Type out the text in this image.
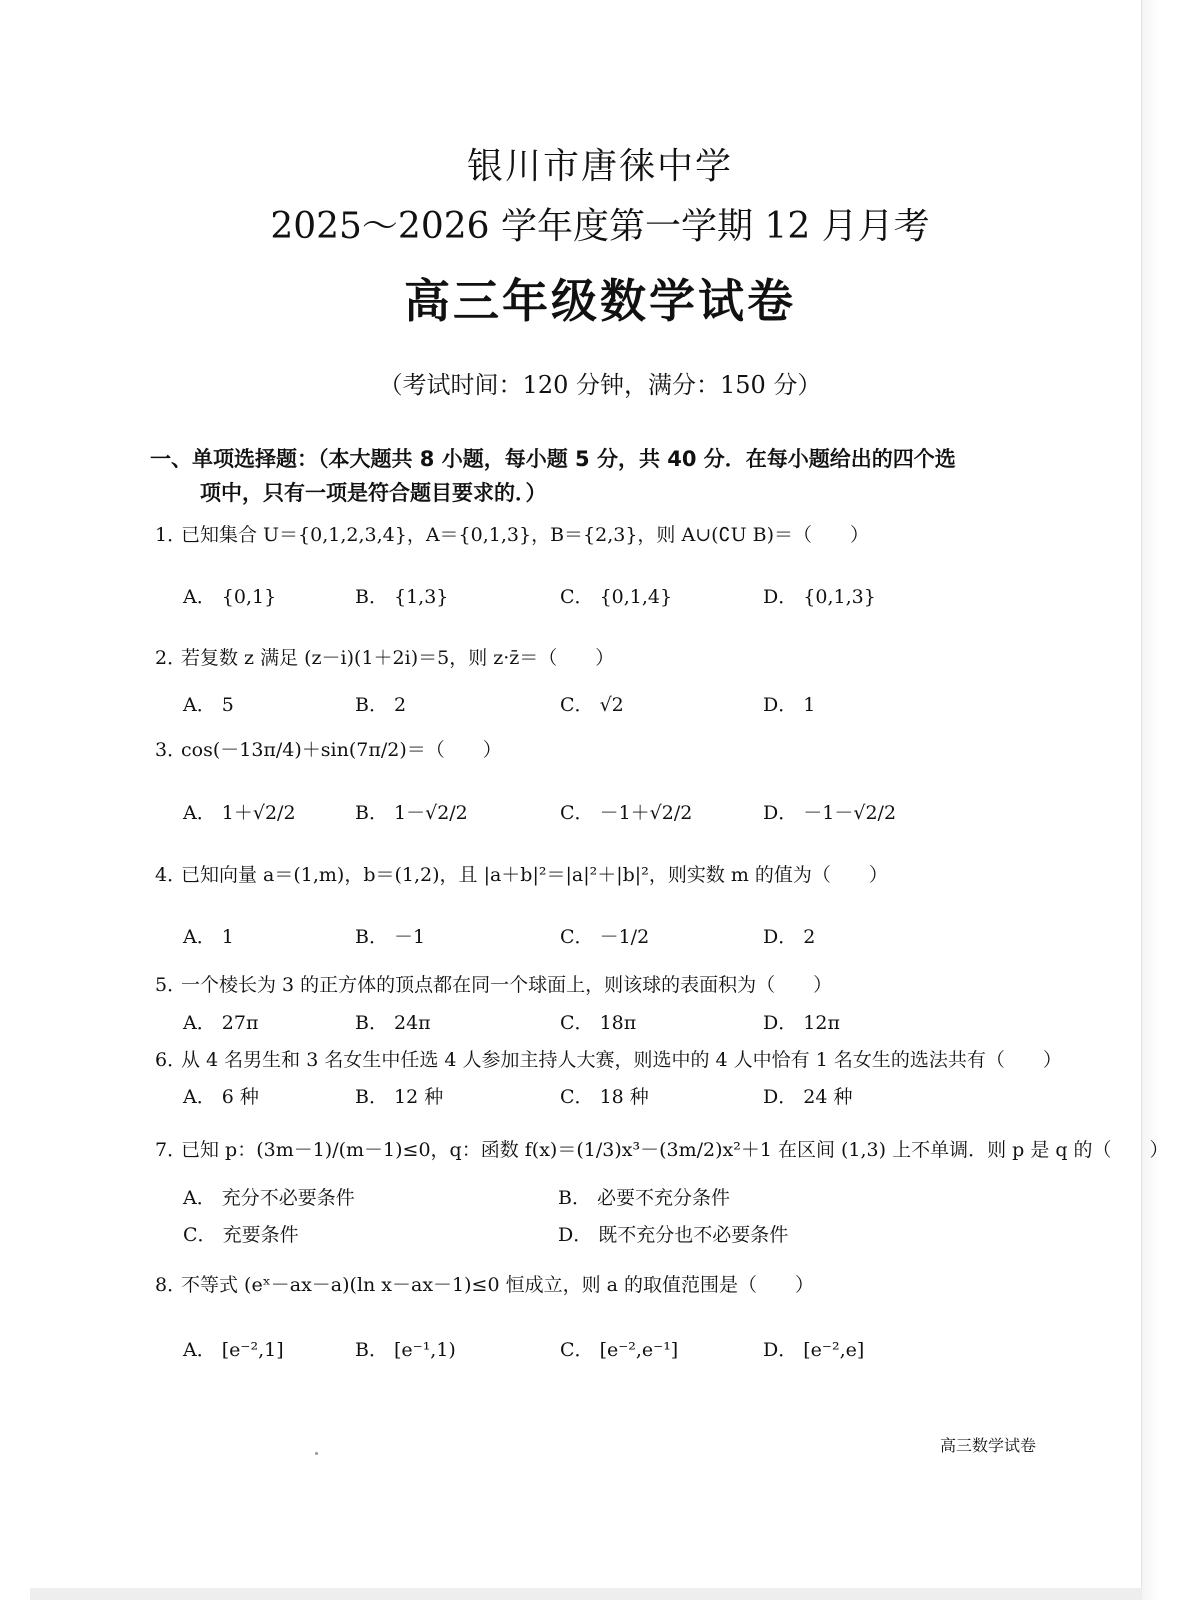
银川市唐徕中学
2025～2026 学年度第一学期 12 月月考
高三年级数学试卷
（考试时间：120 分钟，满分：150 分）
一、单项选择题：（本大题共 8 小题，每小题 5 分，共 40 分．在每小题给出的四个选
项中，只有一项是符合题目要求的．）
1．已知集合 U＝{0,1,2,3,4}，A＝{0,1,3}，B＝{2,3}，则 A∪(∁U B)＝（　　）
A． {0,1}	B． {1,3}	C． {0,1,4}	D． {0,1,3}
2．若复数 z 满足 (z－i)(1＋2i)＝5，则 z·z̄＝（　　）
A． 5	B． 2	C． √2	D． 1
3．cos(－13π/4)＋sin(7π/2)＝（　　）
A． 1＋√2/2	B． 1－√2/2	C． －1＋√2/2	D． －1－√2/2
4．已知向量 a＝(1,m)，b＝(1,2)，且 |a＋b|²＝|a|²＋|b|²，则实数 m 的值为（　　）
A． 1	B． －1	C． －1/2	D． 2
5．一个棱长为 3 的正方体的顶点都在同一个球面上，则该球的表面积为（　　）
A． 27π	B． 24π	C． 18π	D． 12π
6．从 4 名男生和 3 名女生中任选 4 人参加主持人大赛，则选中的 4 人中恰有 1 名女生的选法共有（　　）
A． 6 种	B． 12 种	C． 18 种	D． 24 种
7．已知 p：(3m－1)/(m－1)≤0，q：函数 f(x)＝(1/3)x³－(3m/2)x²＋1 在区间 (1,3) 上不单调．则 p 是 q 的（　　）
A． 充分不必要条件	B． 必要不充分条件
C． 充要条件	D． 既不充分也不必要条件
8．不等式 (eˣ－ax－a)(ln x－ax－1)≤0 恒成立，则 a 的取值范围是（　　）
A． [e⁻²,1]	B． [e⁻¹,1)	C． [e⁻²,e⁻¹]	D． [e⁻²,e]
高三数学试卷
